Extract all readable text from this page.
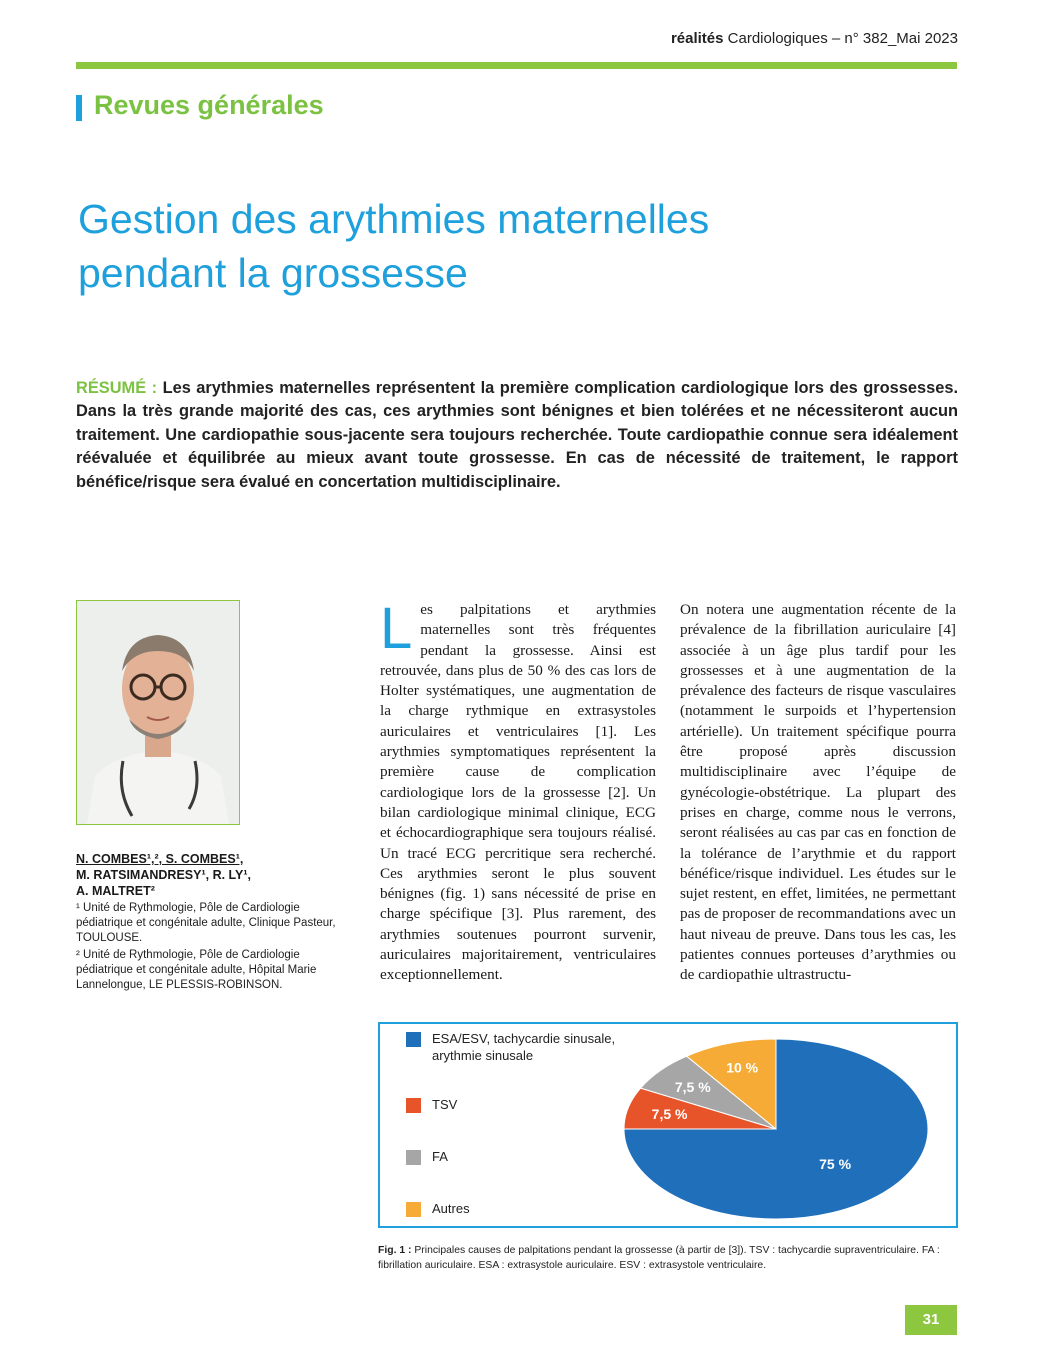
réalités Cardiologiques – n° 382_Mai 2023
Revues générales
Gestion des arythmies maternelles
pendant la grossesse
RÉSUMÉ : Les arythmies maternelles représentent la première complication cardiologique lors des grossesses. Dans la très grande majorité des cas, ces arythmies sont bénignes et bien tolérées et ne nécessiteront aucun traitement. Une cardiopathie sous-jacente sera toujours recherchée. Toute cardiopathie connue sera idéalement réévaluée et équilibrée au mieux avant toute grossesse. En cas de nécessité de traitement, le rapport bénéfice/risque sera évalué en concertation multidisciplinaire.
N. COMBES¹,², S. COMBES¹,
M. RATSIMANDRESY¹, R. LY¹,
A. MALTRET²
¹ Unité de Rythmologie, Pôle de Cardiologie pédiatrique et congénitale adulte, Clinique Pasteur, TOULOUSE.
² Unité de Rythmologie, Pôle de Cardiologie pédiatrique et congénitale adulte, Hôpital Marie Lannelongue, LE PLESSIS-ROBINSON.
L es palpitations et arythmies maternelles sont très fréquentes pendant la grossesse. Ainsi est retrouvée, dans plus de 50 % des cas lors de Holter systématiques, une augmentation de la charge rythmique en extrasystoles auriculaires et ventriculaires [1]. Les arythmies symptomatiques représentent la première cause de complication cardiologique lors de la grossesse [2]. Un bilan cardiologique minimal clinique, ECG et échocardiographique sera toujours réalisé. Un tracé ECG percritique sera recherché. Ces arythmies seront le plus souvent bénignes (fig. 1) sans nécessité de prise en charge spécifique [3]. Plus rarement, des arythmies soutenues pourront survenir, auriculaires majoritairement, ventriculaires exceptionnellement.
On notera une augmentation récente de la prévalence de la fibrillation auriculaire [4] associée à un âge plus tardif pour les grossesses et à une augmentation de la prévalence des facteurs de risque vasculaires (notamment le surpoids et l’hypertension artérielle). Un traitement spécifique pourra être proposé après discussion multidisciplinaire avec l’équipe de gynécologie-obstétrique. La plupart des prises en charge, comme nous le verrons, seront réalisées au cas par cas en fonction de la tolérance de l’arythmie et du rapport bénéfice/risque individuel. Les études sur le sujet restent, en effet, limitées, ne permettant pas de proposer de recommandations avec un haut niveau de preuve. Dans tous les cas, les patientes connues porteuses d’arythmies ou de cardiopathie ultrastructu-
ESA/ESV, tachycardie sinusale, arythmie sinusale
TSV
FA
Autres
75 %
7,5 %
7,5 %
10 %
Fig. 1 : Principales causes de palpitations pendant la grossesse (à partir de [3]). TSV : tachycardie supraventriculaire. FA : fibrillation auriculaire. ESA : extrasystole auriculaire. ESV : extrasystole ventriculaire.
31
